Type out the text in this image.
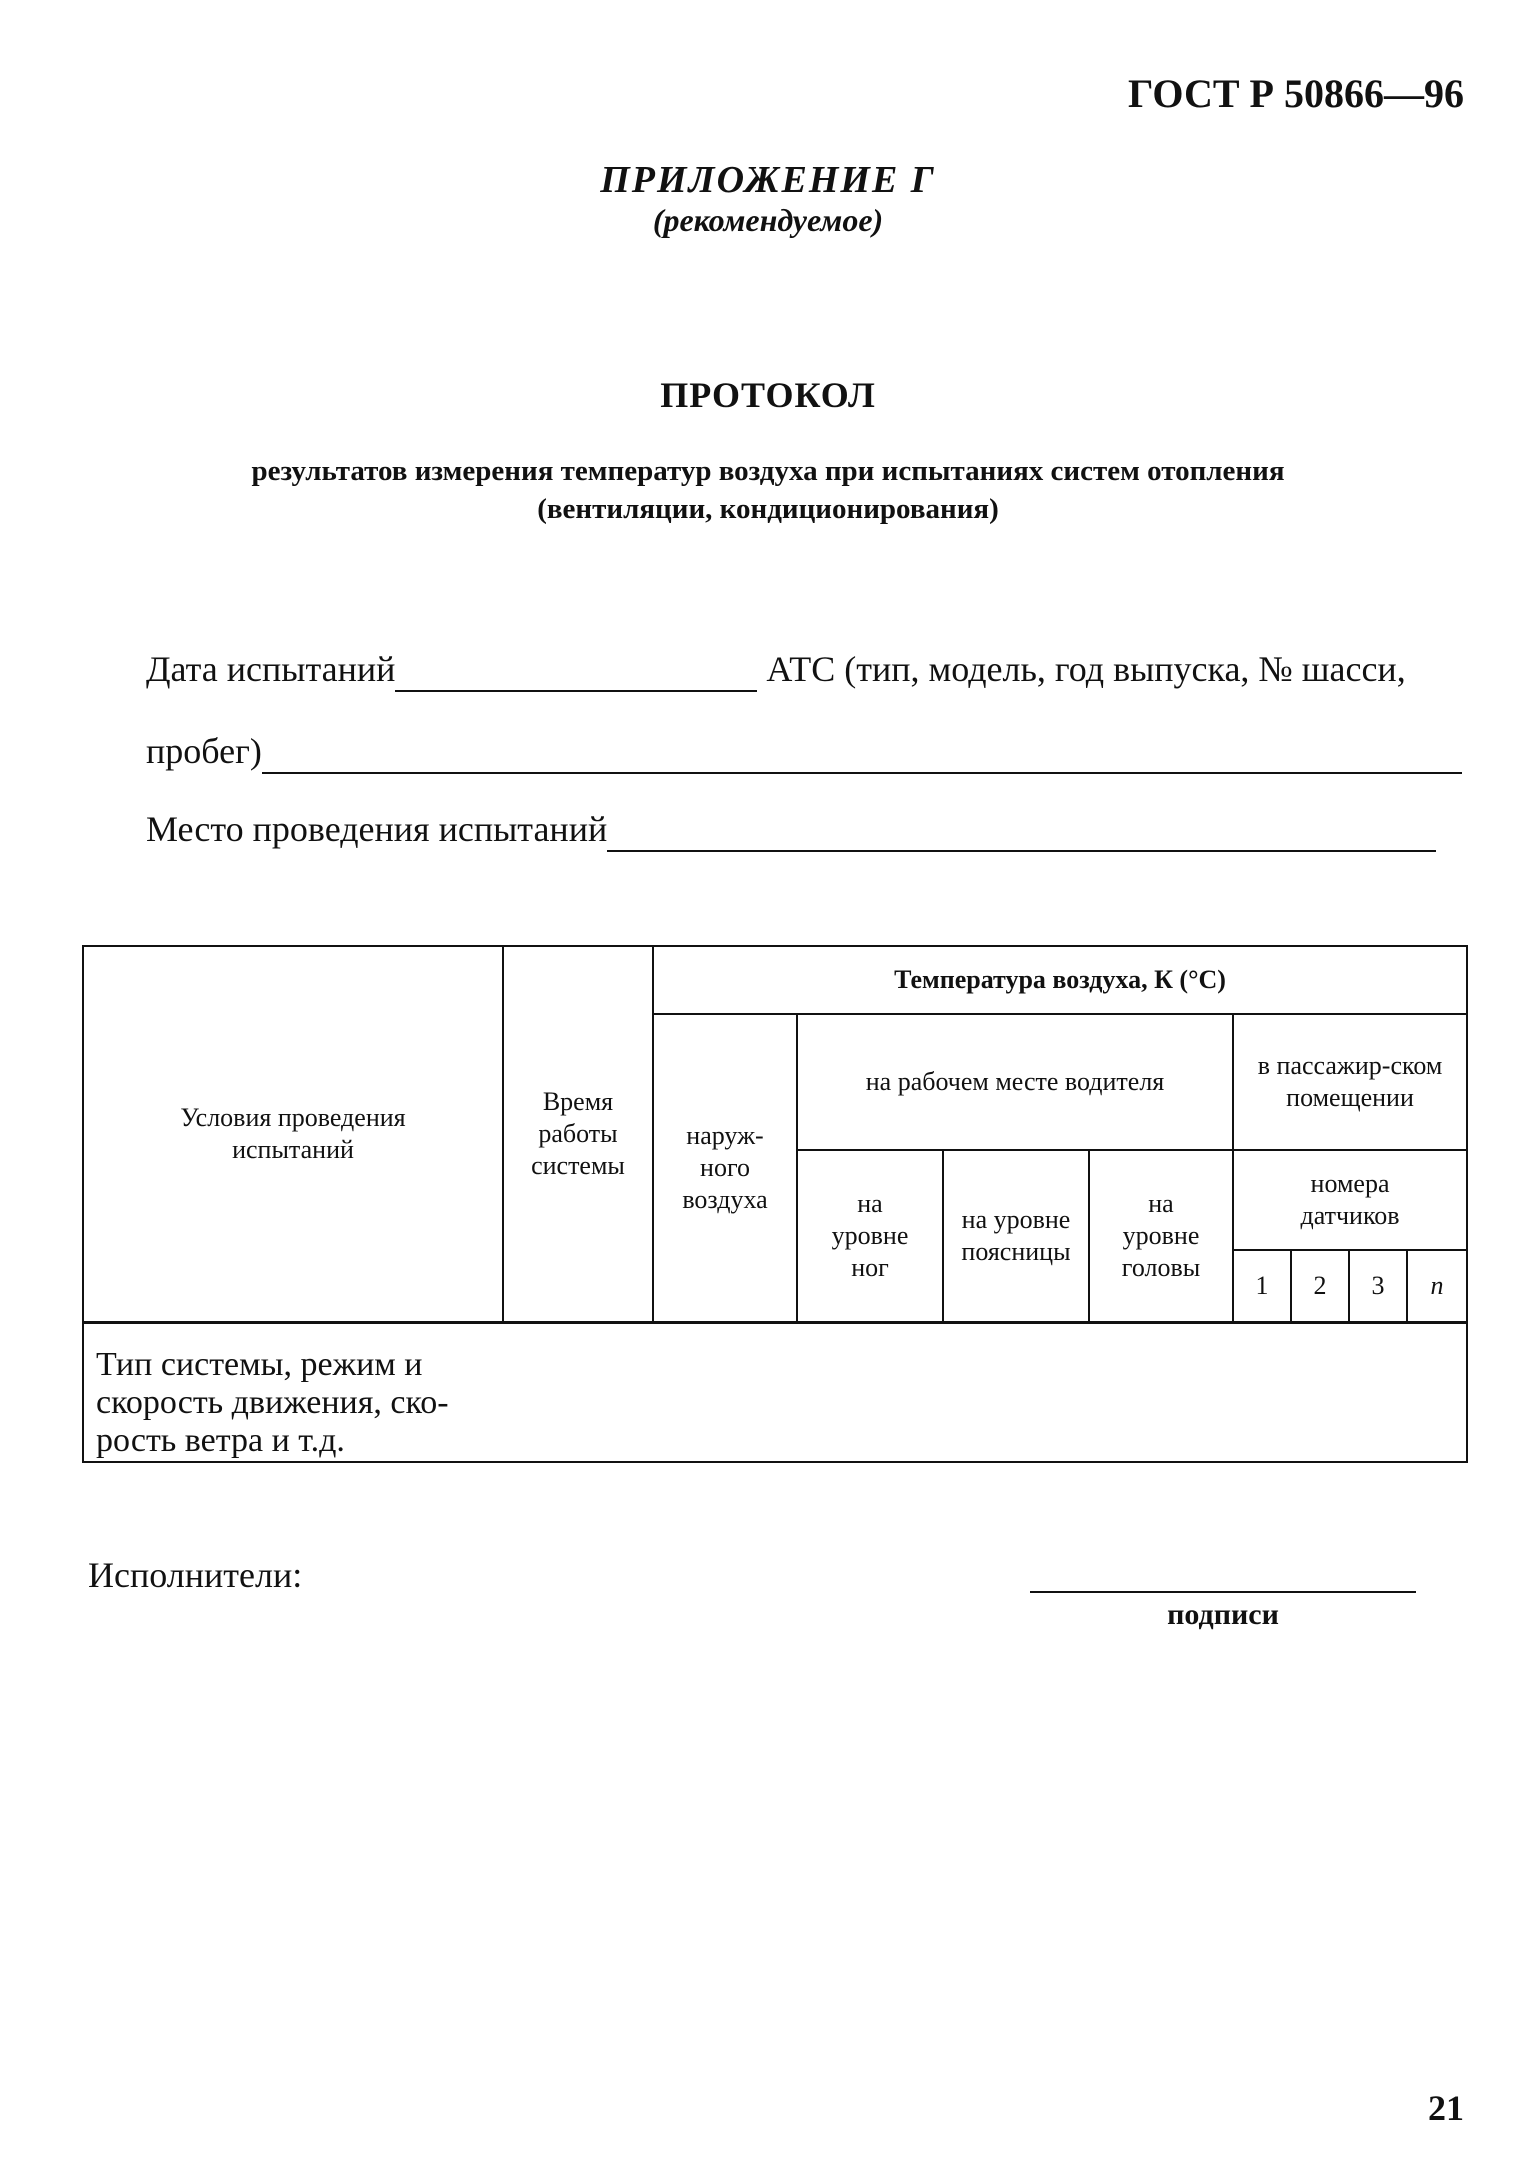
ГОСТ Р 50866—96
ПРИЛОЖЕНИЕ Г
(рекомендуемое)
ПРОТОКОЛ
результатов измерения температур воздуха при испытаниях систем отопления
(вентиляции, кондиционирования)
Дата испытаний	АТС (тип, модель, год выпуска, № шасси,
пробег)
Место проведения испытаний
Условия проведения испытаний	Время работы системы	Температура воздуха, К (°С)							
		наруж-ного воздуха	на рабочем месте водителя			в пассажир-ском помещении			
			на уровне ног	на уровне поясницы	на уровне головы	номера датчиков			
						1	2	3	n

Тип системы, режим и скорость движения, ско-рость ветра и т.д.									
Исполнители:
подписи
21
